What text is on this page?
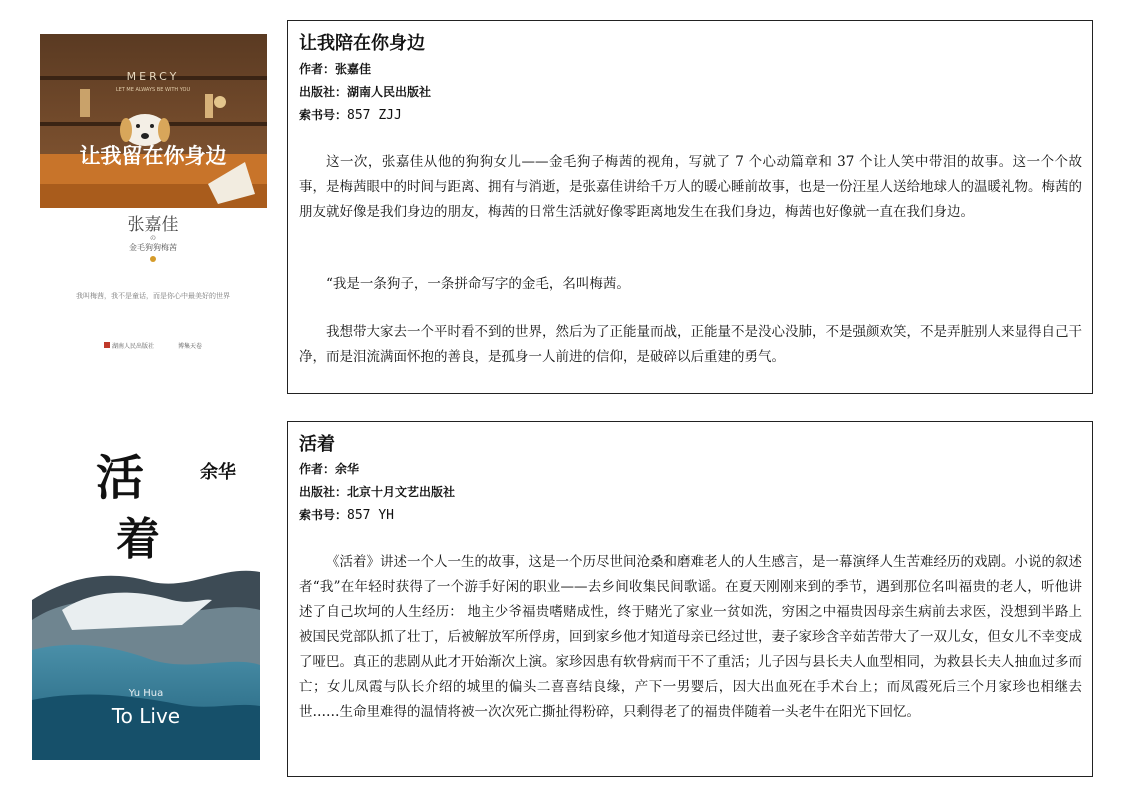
MERCY
LET ME ALWAYS BE WITH YOU
让我留在你身边
张嘉佳
の
金毛狗狗梅茜
我叫梅茜，我不是童话，而是你心中最美好的世界
湖南人民出版社	博集天卷
让我陪在你身边
作者：张嘉佳
出版社：湖南人民出版社
索书号：857 ZJJ

这一次，张嘉佳从他的狗狗女儿——金毛狗子梅茜的视角，写就了 7 个心动篇章和 37 个让人笑中带泪的故事。这一个个故事，是梅茜眼中的时间与距离、拥有与消逝，是张嘉佳讲给千万人的暖心睡前故事，也是一份汪星人送给地球人的温暖礼物。梅茜的朋友就好像是我们身边的朋友，梅茜的日常生活就好像零距离地发生在我们身边，梅茜也好像就一直在我们身边。

“我是一条狗子，一条拼命写字的金毛，名叫梅茜。

我想带大家去一个平时看不到的世界，然后为了正能量而战，正能量不是没心没肺，不是强颜欢笑，不是弄脏别人来显得自己干净，而是泪流满面怀抱的善良，是孤身一人前进的信仰，是破碎以后重建的勇气。

活
着
余华
Yu Hua
To Live
活着
作者：余华
出版社：北京十月文艺出版社
索书号：857 YH

《活着》讲述一个人一生的故事，这是一个历尽世间沧桑和磨难老人的人生感言，是一幕演绎人生苦难经历的戏剧。小说的叙述者“我”在年轻时获得了一个游手好闲的职业——去乡间收集民间歌谣。在夏天刚刚来到的季节，遇到那位名叫福贵的老人，听他讲述了自己坎坷的人生经历： 地主少爷福贵嗜赌成性，终于赌光了家业一贫如洗，穷困之中福贵因母亲生病前去求医，没想到半路上被国民党部队抓了壮丁，后被解放军所俘虏，回到家乡他才知道母亲已经过世，妻子家珍含辛茹苦带大了一双儿女，但女儿不幸变成了哑巴。真正的悲剧从此才开始渐次上演。家珍因患有软骨病而干不了重活；儿子因与县长夫人血型相同，为救县长夫人抽血过多而亡；女儿凤霞与队长介绍的城里的偏头二喜喜结良缘，产下一男婴后，因大出血死在手术台上；而凤霞死后三个月家珍也相继去世……生命里难得的温情将被一次次死亡撕扯得粉碎，只剩得老了的福贵伴随着一头老牛在阳光下回忆。
